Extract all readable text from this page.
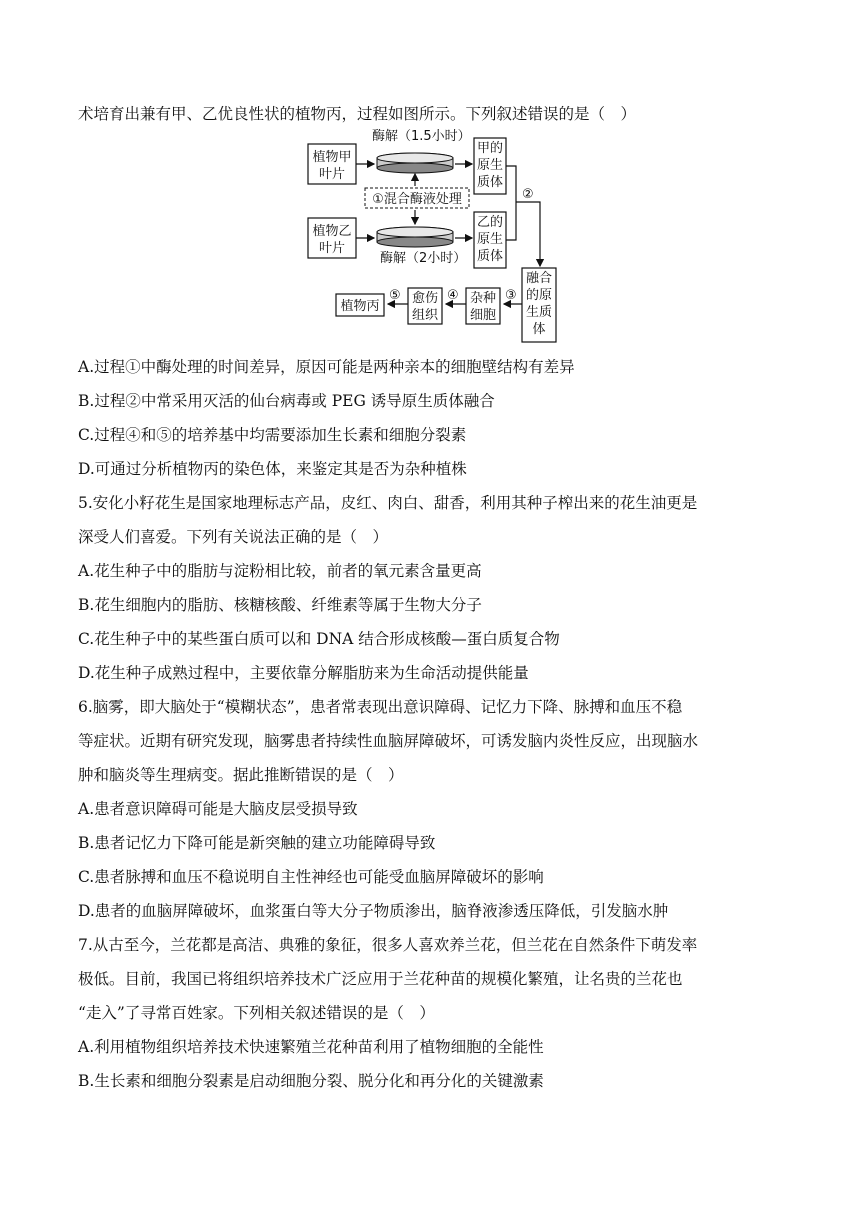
术培育出兼有甲、乙优良性状的植物丙，过程如图所示。下列叙述错误的是（　）
植物甲
叶片
酶解（1.5小时）
①混合酶液处理
植物乙
叶片
酶解（2小时）
甲的
原生
质体
乙的
原生
质体
②
融合
的原
生质
体
③
杂种
细胞
④
愈伤
组织
⑤
植物丙
A.过程①中酶处理的时间差异，原因可能是两种亲本的细胞壁结构有差异
B.过程②中常采用灭活的仙台病毒或 PEG 诱导原生质体融合
C.过程④和⑤的培养基中均需要添加生长素和细胞分裂素
D.可通过分析植物丙的染色体，来鉴定其是否为杂种植株
5.安化小籽花生是国家地理标志产品，皮红、肉白、甜香，利用其种子榨出来的花生油更是
深受人们喜爱。下列有关说法正确的是（　）
A.花生种子中的脂肪与淀粉相比较，前者的氧元素含量更高
B.花生细胞内的脂肪、核糖核酸、纤维素等属于生物大分子
C.花生种子中的某些蛋白质可以和 DNA 结合形成核酸—蛋白质复合物
D.花生种子成熟过程中，主要依靠分解脂肪来为生命活动提供能量
6.脑雾，即大脑处于“模糊状态”，患者常表现出意识障碍、记忆力下降、脉搏和血压不稳
等症状。近期有研究发现，脑雾患者持续性血脑屏障破坏，可诱发脑内炎性反应，出现脑水
肿和脑炎等生理病变。据此推断错误的是（　）
A.患者意识障碍可能是大脑皮层受损导致
B.患者记忆力下降可能是新突触的建立功能障碍导致
C.患者脉搏和血压不稳说明自主性神经也可能受血脑屏障破坏的影响
D.患者的血脑屏障破坏，血浆蛋白等大分子物质渗出，脑脊液渗透压降低，引发脑水肿
7.从古至今，兰花都是高洁、典雅的象征，很多人喜欢养兰花，但兰花在自然条件下萌发率
极低。目前，我国已将组织培养技术广泛应用于兰花种苗的规模化繁殖，让名贵的兰花也
“走入”了寻常百姓家。下列相关叙述错误的是（　）
A.利用植物组织培养技术快速繁殖兰花种苗利用了植物细胞的全能性
B.生长素和细胞分裂素是启动细胞分裂、脱分化和再分化的关键激素
